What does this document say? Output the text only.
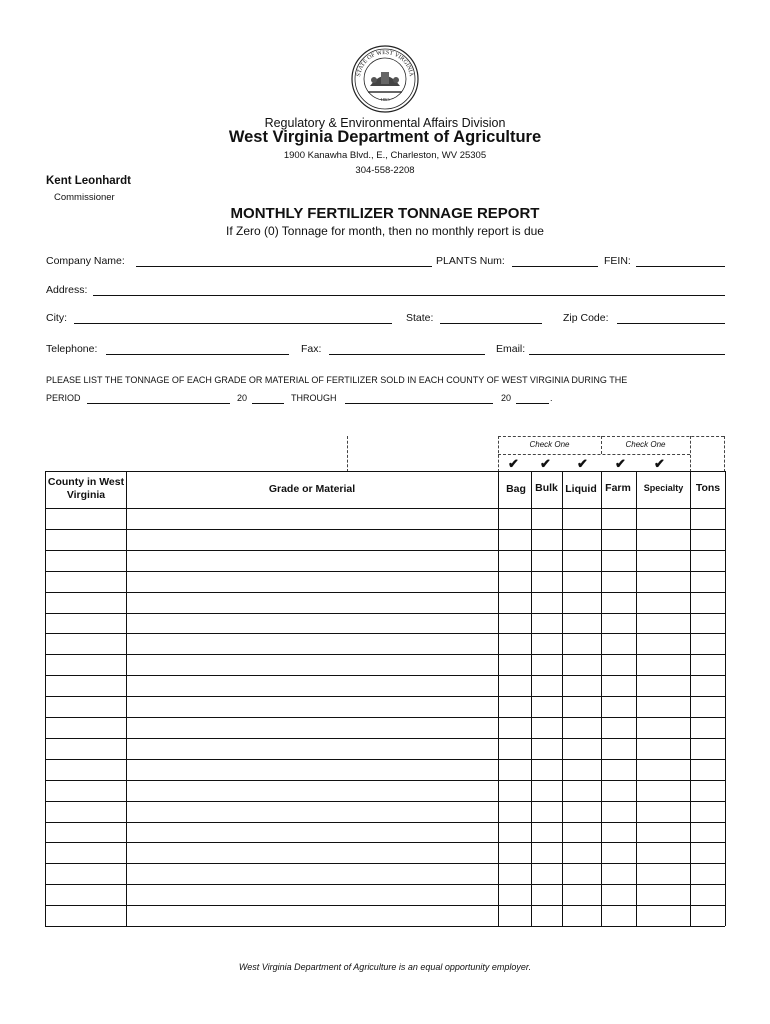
STATE OF WEST VIRGINIA
1863
Regulatory & Environmental Affairs Division
West Virginia Department of Agriculture
1900 Kanawha Blvd., E., Charleston, WV 25305
304-558-2208
Kent Leonhardt
Commissioner
MONTHLY FERTILIZER TONNAGE REPORT
If Zero (0) Tonnage for month, then no monthly report is due
Company Name:	PLANTS Num:	FEIN:
Address:
City:	State:	Zip Code:
Telephone:	Fax:	Email:
PLEASE LIST THE TONNAGE OF EACH GRADE OR MATERIAL OF FERTILIZER SOLD IN EACH COUNTY OF WEST VIRGINIA DURING THE
PERIOD	20	THROUGH	20	.
Check One	Check One
✔ ✔ ✔ ✔ ✔
County in West Virginia	Grade or Material	Bag Bulk Liquid Farm	Specialty	Tons
West Virginia Department of Agriculture is an equal opportunity employer.
